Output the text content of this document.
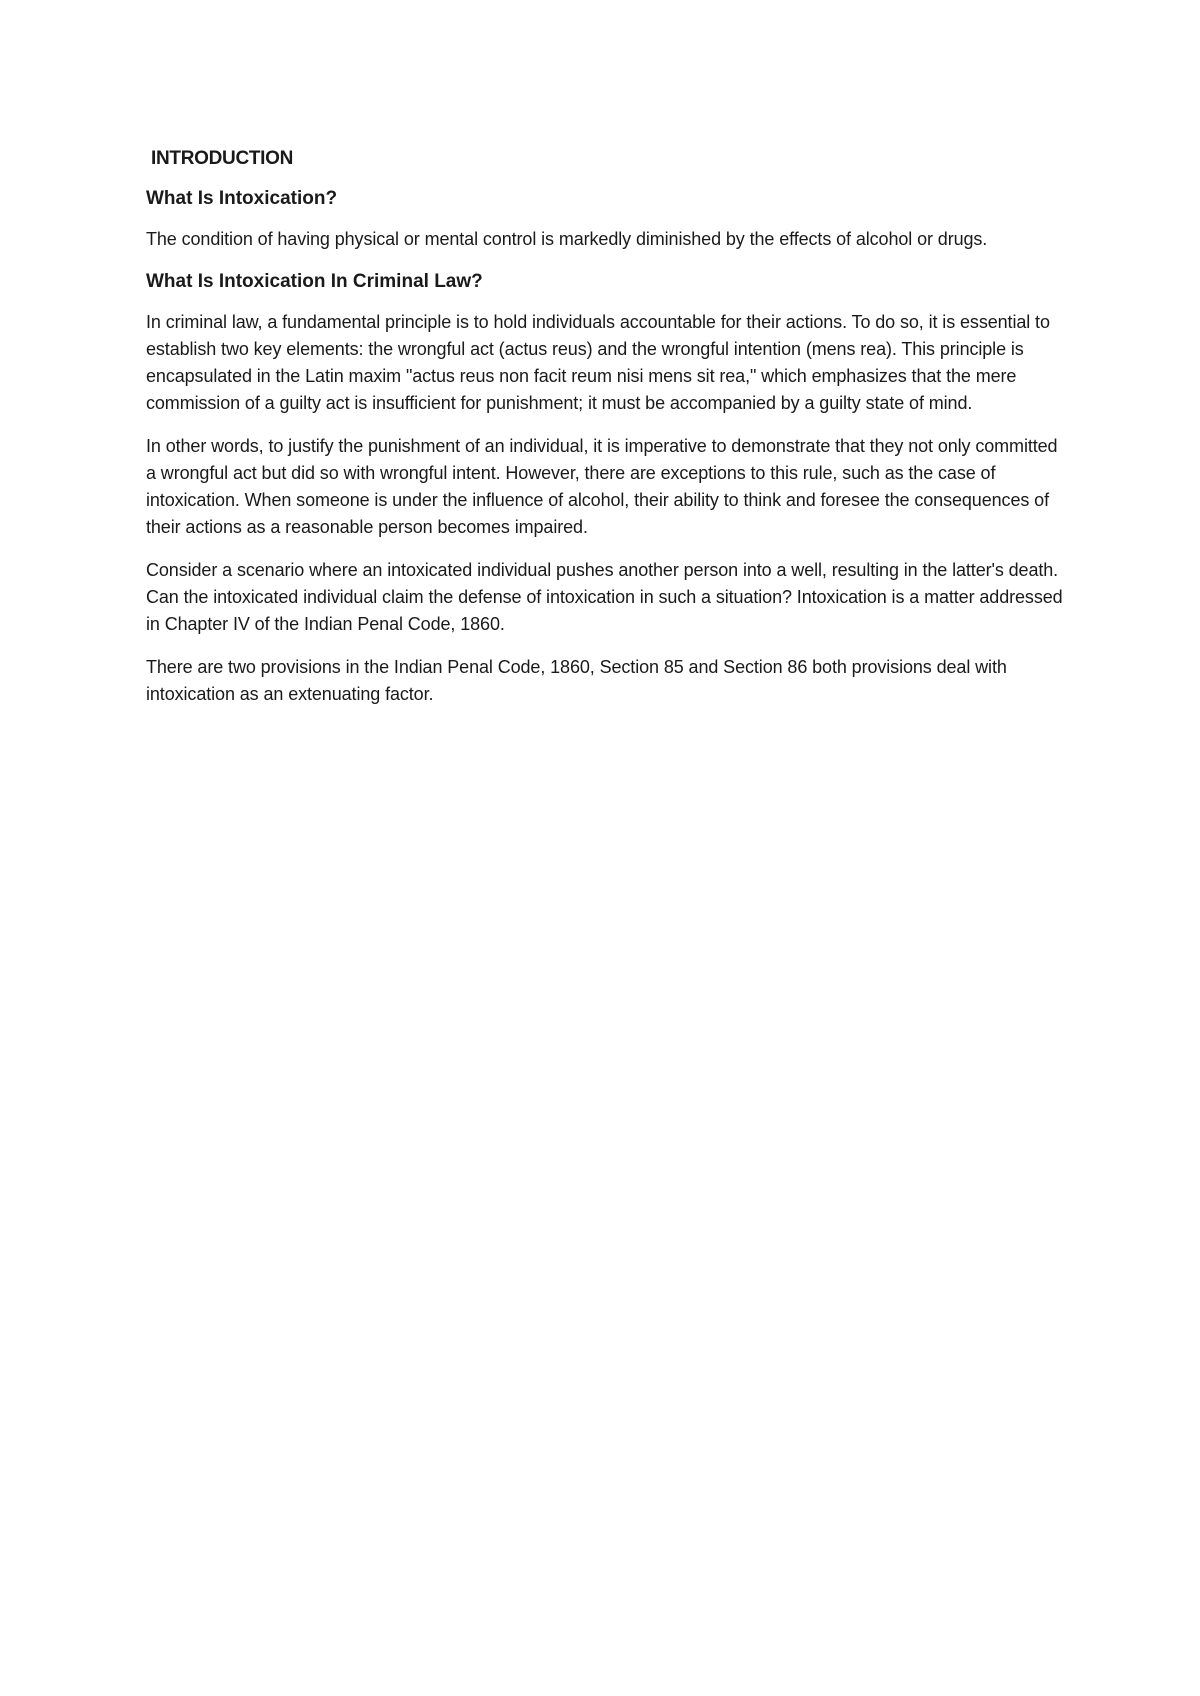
INTRODUCTION
What Is Intoxication?

The condition of having physical or mental control is markedly diminished by the effects of alcohol or drugs.

What Is Intoxication In Criminal Law?

In criminal law, a fundamental principle is to hold individuals accountable for their actions. To do so, it is essential to establish two key elements: the wrongful act (actus reus) and the wrongful intention (mens rea). This principle is encapsulated in the Latin maxim "actus reus non facit reum nisi mens sit rea," which emphasizes that the mere commission of a guilty act is insufficient for punishment; it must be accompanied by a guilty state of mind.

In other words, to justify the punishment of an individual, it is imperative to demonstrate that they not only committed a wrongful act but did so with wrongful intent. However, there are exceptions to this rule, such as the case of intoxication. When someone is under the influence of alcohol, their ability to think and foresee the consequences of their actions as a reasonable person becomes impaired.

Consider a scenario where an intoxicated individual pushes another person into a well, resulting in the latter's death. Can the intoxicated individual claim the defense of intoxication in such a situation? Intoxication is a matter addressed in Chapter IV of the Indian Penal Code, 1860.

There are two provisions in the Indian Penal Code, 1860, Section 85 and Section 86 both provisions deal with intoxication as an extenuating factor.
